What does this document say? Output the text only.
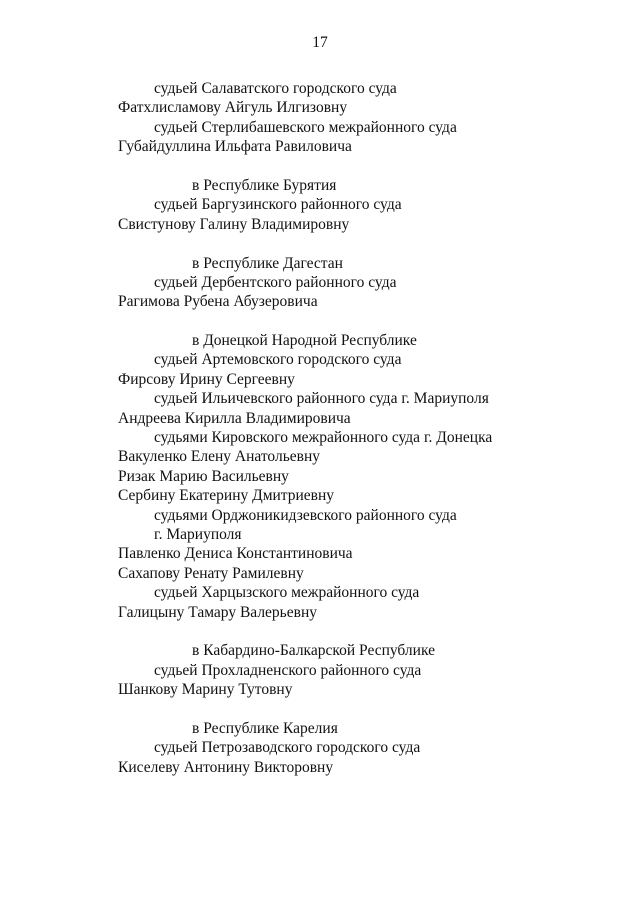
17
судьей Салаватского городского суда
Фатхлисламову Айгуль Илгизовну
судьей Стерлибашевского межрайонного суда
Губайдуллина Ильфата Равиловича
в Республике Бурятия
судьей Баргузинского районного суда
Свистунову Галину Владимировну
в Республике Дагестан
судьей Дербентского районного суда
Рагимова Рубена Абузеровича
в Донецкой Народной Республике
судьей Артемовского городского суда
Фирсову Ирину Сергеевну
судьей Ильичевского районного суда г. Мариуполя
Андреева Кирилла Владимировича
судьями Кировского межрайонного суда г. Донецка
Вакуленко Елену Анатольевну
Ризак Марию Васильевну
Сербину Екатерину Дмитриевну
судьями Орджоникидзевского районного суда
г. Мариуполя
Павленко Дениса Константиновича
Сахапову Ренату Рамилевну
судьей Харцызского межрайонного суда
Галицыну Тамару Валерьевну
в Кабардино-Балкарской Республике
судьей Прохладненского районного суда
Шанкову Марину Тутовну
в Республике Карелия
судьей Петрозаводского городского суда
Киселеву Антонину Викторовну
